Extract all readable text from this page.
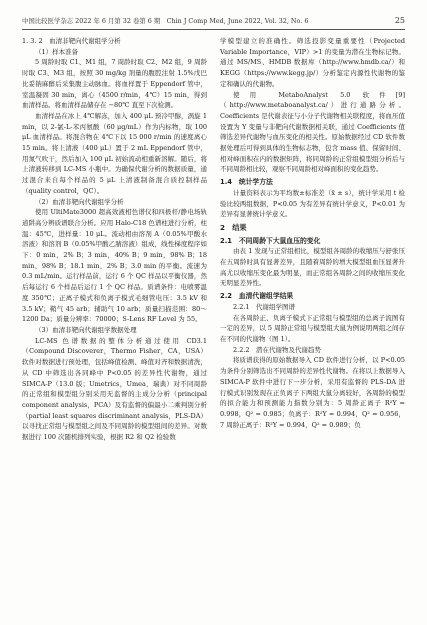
中国比较医学杂志 2022 年 6 月第 32 卷第 6 期　Chin J Comp Med, June 2022, Vol. 32, No. 6	25

1. 3. 2　血清非靶向代谢组学分析

（1）样本准备

5 周龄时取 C1、M1 组，7 周龄时取 C2、M2 组，9 周龄时取 C3、M3 组，按照 30 mg/kg 剂量的腹腔注射 1.5%戊巴比妥钠麻醉后采集腹主动脉血。将血样置于 Eppendorf 管中，室温凝固 30 min，离心（4500 r/min，4℃）15 min，得到血清样品。将血清样品储存在 −80℃ 直至下次检测。

血清样品在冰上 4℃解冻，加入 400 μL 预冷甲醇，涡旋 1 min，以 2-氯-L-苯丙氨酸（60 μg/mL）作为内标物，取 100 μL 血清样品。将混合物在 4℃下以 15 000 r/min 的速度离心 15 min。将上清液（400 μL）置于 2 mL Eppendorf 管中，用氮气吹干，然后加入 100 μL 初始流动相重新溶解。随后，将上清液转移到 LC-MS 小瓶中。为确保代谢分析的数据质量，通过混合来自每个样品的 5 μL 上清液制备混合质控制样品（quality control，QC）。

（2）血清非靶向代谢组学分析

使用 UltiMate3000 超高效液相色谱仪和四极杆/静电场轨道阱高分辨质谱联合分析。应用 Halo-C18 色谱柱进行分析，柱温：45℃，进样量：10 μL。流动相由溶剂 A（0.05%甲酸水溶液）和溶剂 B（0.05%甲酸乙腈溶液）组成，线性梯度程序如下：0 min，2% B；3 min，40% B；9 min，98% B；18 min，98% B；18.1 min，2% B；3.0 min 的平衡。流速为 0.3 mL/min。运行样品前，运行 6 个 QC 样品以平衡仪器，然后每运行 6 个样品后运行 1 个 QC 样品。质谱条件：电喷雾温度 350℃；正离子模式和负离子模式毛细管电压：3.5 kV 和 3.5 kV；鞘气 45 arb；辅助气 10 arb；质量扫描范围：80～1200 Da；质量分辨率：70000；S-Lens RF Level 为 55。

（3）血清非靶向代谢组学数据处理

LC-MS 色谱数据的整体分析通过使用 CD3.1（Compound Discoverer，Thermo Fisher，CA，USA）软件对数据进行预处理，包括峰值检测、峰值对齐和数据清洗，从 CD 中筛选出各同峰中 P<0.05 的差异性代谢物，通过 SIMCA-P（13.0 版；Umetrics，Umea，瑞典）对不同周龄的正常组和模型组分别采用无监督的主成分分析（principal component analysis，PCA）及有监督的偏最小二乘判别分析（partial least squares discriminant analysis，PLS-DA）以寻找正常组与模型组之间及不同周龄的模型组间的差异。对数据进行 100 次随机排列实验，根据 R2 和 Q2 检验数

学模型建立的准确性。筛选投影变量重要性（Projected Variable Importance，VIP）>1 的变量为潜在生物标记物。通过 MS/MS、HMDB 数据库（http://www.hmdb.ca/）和 KEGG（https://www.kegg.jp/）分析鉴定内源性代谢物的鉴定和确认的代谢物。

使用 MetaboAnalyst 5.0 软件[9]（http://www.metaboanalyst.ca/）进行通路分析。Coefficients 是代谢表征与小分子代谢物相关联程度，将血压值设置为 Y 变量与非靶向代谢数据相关联，通过 Coefficients 值筛选差异代谢物与血压变化的相关性。原始数据经过 CD 软件数据处理后可得到具体的生物标志物，包含 mass 值、保留时间、相对峰面积在内的数据矩阵，将同周龄的正常组模型组分析后与不同周龄相比较，观察不同周龄相对峰面积的变化趋势。

1.4　统计学方法

计量资料表示为平均数±标准差（x̄ ± s），统计学采用 t 检验比较两组数据，P<0.05 为有差异有统计学意义，P<0.01 为差异有显著统计学意义。

2　结果

2.1　不同周龄下大鼠血压的变化

由表 1 发现与正常组相比，模型组各周龄的收缩压与舒张压在五周龄时具有显著差异，且随着周龄的增大模型组血压显著升高尤以收缩压变化最为明显，而正常组各周龄之间的收缩压变化无明显差异性。

2.2　血清代谢组学结果

2.2.1　代谢组学图谱

在各周龄正、负离子模式下正常组与模型组的总离子流图有一定的差异，以 5 周龄正常组与模型组大鼠为例说明两组之间存在不同的代谢物（图 1）。

2.2.2　潜在代谢物及代谢趋势

将质谱获得的原始数据导入 CD 软件进行分析，以 P<0.05 为条件分别筛选出不同周龄的差异性代谢物。在将以上数据导入 SIMCA-P 软件中进行下一步分析，采用有监督的 PLS-DA 进行模式识别发现在正负离子下两组大鼠分离较好，各周龄的模型的拟合能力和预测能力指数分别为：5 周龄正离子 R²Y = 0.998，Q² = 0.985；负离子：R²Y = 0.994，Q² = 0.956，7 周龄正离子：R²Y = 0.994，Q² = 0.989；负
